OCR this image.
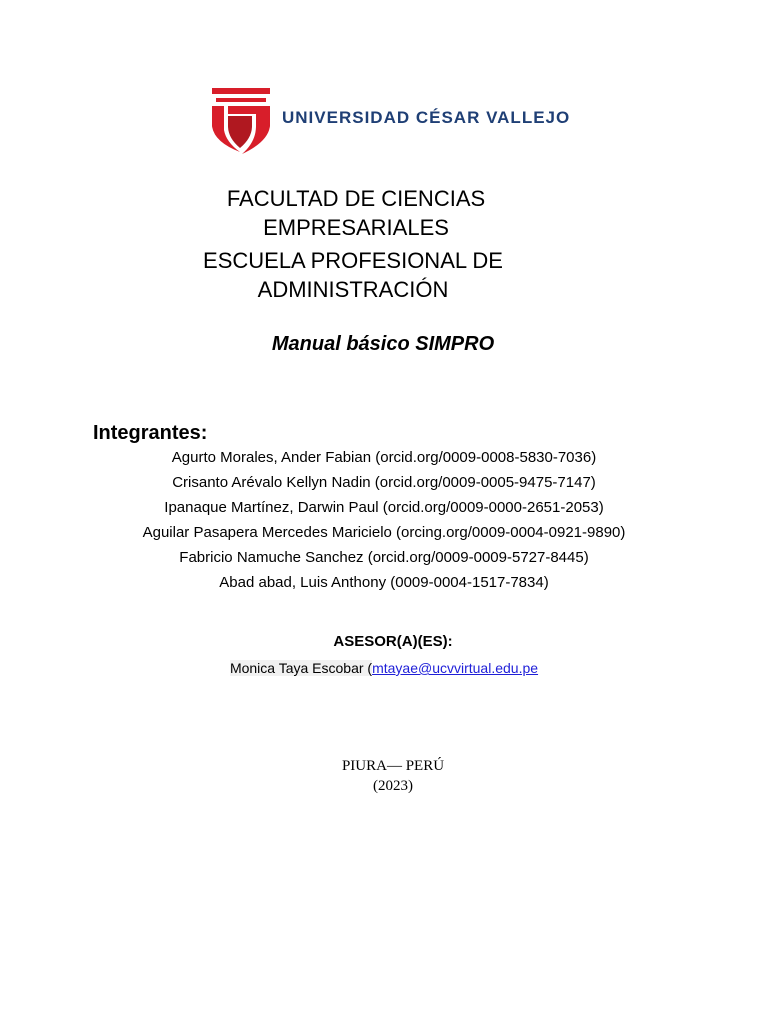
UNIVERSIDAD CÉSAR VALLEJO
FACULTAD DE CIENCIAS
EMPRESARIALES
ESCUELA PROFESIONAL DE
ADMINISTRACIÓN
Manual básico SIMPRO
Integrantes:
Agurto Morales, Ander Fabian (orcid.org/0009-0008-5830-7036)
Crisanto Arévalo Kellyn Nadin (orcid.org/0009-0005-9475-7147)
Ipanaque Martínez, Darwin Paul (orcid.org/0009-0000-2651-2053)
Aguilar Pasapera Mercedes Maricielo (orcing.org/0009-0004-0921-9890)
Fabricio Namuche Sanchez (orcid.org/0009-0009-5727-8445)
Abad abad, Luis Anthony (0009-0004-1517-7834)
ASESOR(A)(ES):
Monica Taya Escobar (mtayae@ucvvirtual.edu.pe
PIURA— PERÚ
(2023)
